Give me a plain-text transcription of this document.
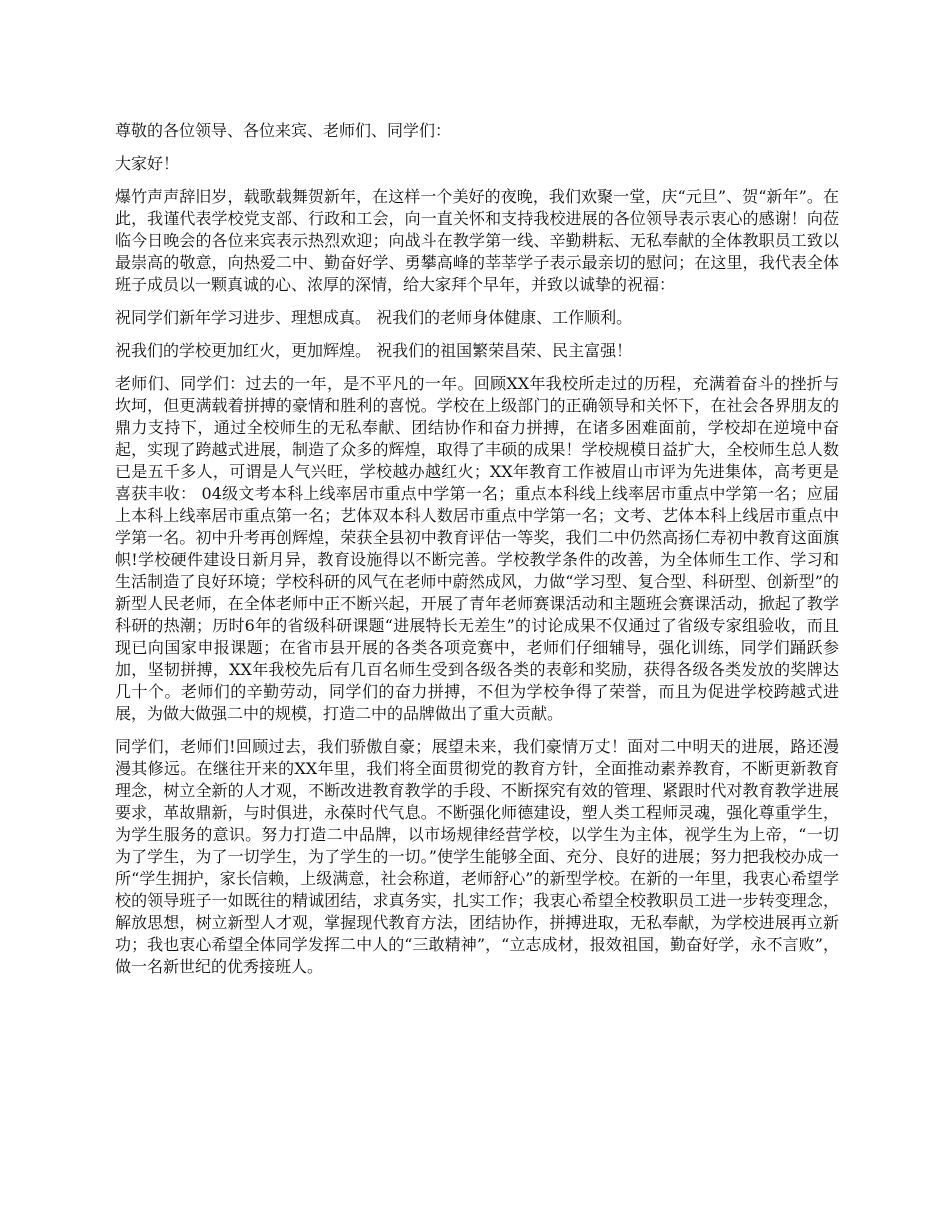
尊敬的各位领导、各位来宾、老师们、同学们：

大家好！

爆竹声声辞旧岁，载歌载舞贺新年，在这样一个美好的夜晚，我们欢聚一堂，庆“元旦”、贺“新年”。在此，我谨代表学校党支部、行政和工会，向一直关怀和支持我校进展的各位领导表示衷心的感谢！向莅临今日晚会的各位来宾表示热烈欢迎；向战斗在教学第一线、辛勤耕耘、无私奉献的全体教职员工致以最崇高的敬意，向热爱二中、勤奋好学、勇攀高峰的莘莘学子表示最亲切的慰问；在这里，我代表全体班子成员以一颗真诚的心、浓厚的深情，给大家拜个早年，并致以诚挚的祝福：

祝同学们新年学习进步、理想成真。 祝我们的老师身体健康、工作顺利。

祝我们的学校更加红火，更加辉煌。 祝我们的祖国繁荣昌荣、民主富强！

老师们、同学们：过去的一年，是不平凡的一年。回顾XX年我校所走过的历程，充满着奋斗的挫折与坎坷，但更满载着拼搏的豪情和胜利的喜悦。学校在上级部门的正确领导和关怀下，在社会各界朋友的鼎力支持下，通过全校师生的无私奉献、团结协作和奋力拼搏，在诸多困难面前，学校却在逆境中奋起，实现了跨越式进展，制造了众多的辉煌，取得了丰硕的成果！学校规模日益扩大，全校师生总人数已是五千多人，可谓是人气兴旺，学校越办越红火；XX年教育工作被眉山市评为先进集体，高考更是喜获丰收： 04级文考本科上线率居市重点中学第一名；重点本科线上线率居市重点中学第一名；应届上本科上线率居市重点第一名；艺体双本科人数居市重点中学第一名；文考、艺体本科上线居市重点中学第一名。初中升考再创辉煌，荣获全县初中教育评估一等奖，我们二中仍然高扬仁寿初中教育这面旗帜!学校硬件建设日新月异，教育设施得以不断完善。学校教学条件的改善，为全体师生工作、学习和生活制造了良好环境；学校科研的风气在老师中蔚然成风，力做“学习型、复合型、科研型、创新型”的新型人民老师，在全体老师中正不断兴起，开展了青年老师赛课活动和主题班会赛课活动，掀起了教学科研的热潮；历时6年的省级科研课题“进展特长无差生”的讨论成果不仅通过了省级专家组验收，而且现已向国家申报课题；在省市县开展的各类各项竞赛中，老师们仔细辅导，强化训练，同学们踊跃参加，坚韧拼搏，XX年我校先后有几百名师生受到各级各类的表彰和奖励，获得各级各类发放的奖牌达几十个。老师们的辛勤劳动，同学们的奋力拼搏，不但为学校争得了荣誉，而且为促进学校跨越式进展，为做大做强二中的规模，打造二中的品牌做出了重大贡献。

同学们，老师们!回顾过去，我们骄傲自豪；展望未来，我们豪情万丈！面对二中明天的进展，路还漫漫其修远。在继往开来的XX年里，我们将全面贯彻党的教育方针，全面推动素养教育，不断更新教育理念，树立全新的人才观，不断改进教育教学的手段、不断探究有效的管理、紧跟时代对教育教学进展要求，革故鼎新，与时俱进，永葆时代气息。不断强化师德建设，塑人类工程师灵魂，强化尊重学生，为学生服务的意识。努力打造二中品牌，以市场规律经营学校，以学生为主体，视学生为上帝，“一切为了学生，为了一切学生，为了学生的一切。”使学生能够全面、充分、良好的进展；努力把我校办成一所“学生拥护，家长信赖，上级满意，社会称道，老师舒心”的新型学校。在新的一年里，我衷心希望学校的领导班子一如既往的精诚团结，求真务实，扎实工作；我衷心希望全校教职员工进一步转变理念，解放思想，树立新型人才观，掌握现代教育方法，团结协作，拼搏进取，无私奉献，为学校进展再立新功；我也衷心希望全体同学发挥二中人的“三敢精神”，“立志成材，报效祖国，勤奋好学，永不言败”，做一名新世纪的优秀接班人。
